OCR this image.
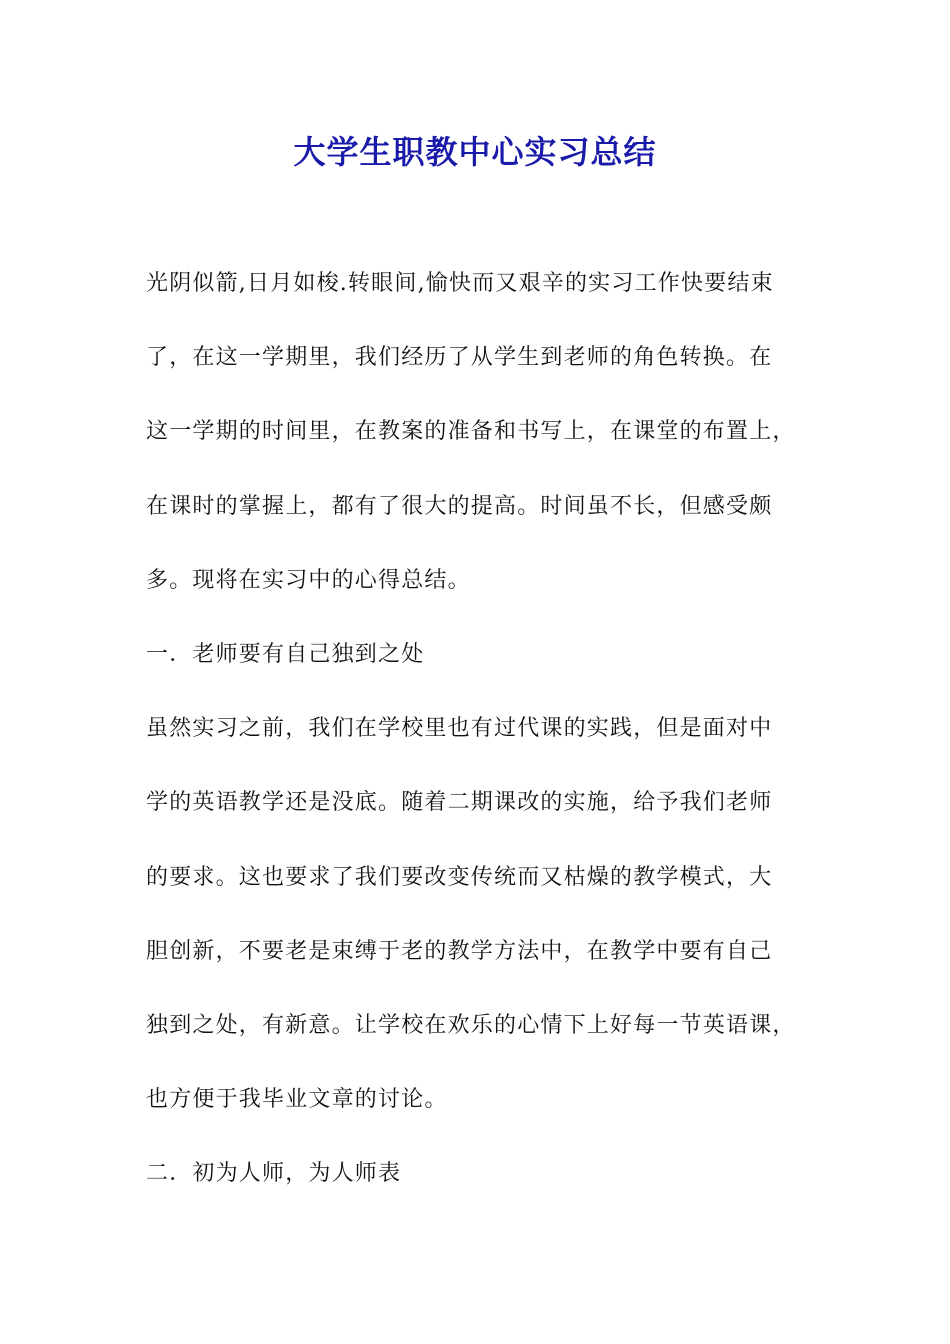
大学生职教中心实习总结
光阴似箭,日月如梭.转眼间,愉快而又艰辛的实习工作快要结束
了，在这一学期里，我们经历了从学生到老师的角色转换。在
这一学期的时间里，在教案的准备和书写上，在课堂的布置上，
在课时的掌握上，都有了很大的提高。时间虽不长，但感受颇
多。现将在实习中的心得总结。
一．老师要有自己独到之处
虽然实习之前，我们在学校里也有过代课的实践，但是面对中
学的英语教学还是没底。随着二期课改的实施，给予我们老师
的要求。这也要求了我们要改变传统而又枯燥的教学模式，大
胆创新，不要老是束缚于老的教学方法中，在教学中要有自己
独到之处，有新意。让学校在欢乐的心情下上好每一节英语课，
也方便于我毕业文章的讨论。
二．初为人师，为人师表
